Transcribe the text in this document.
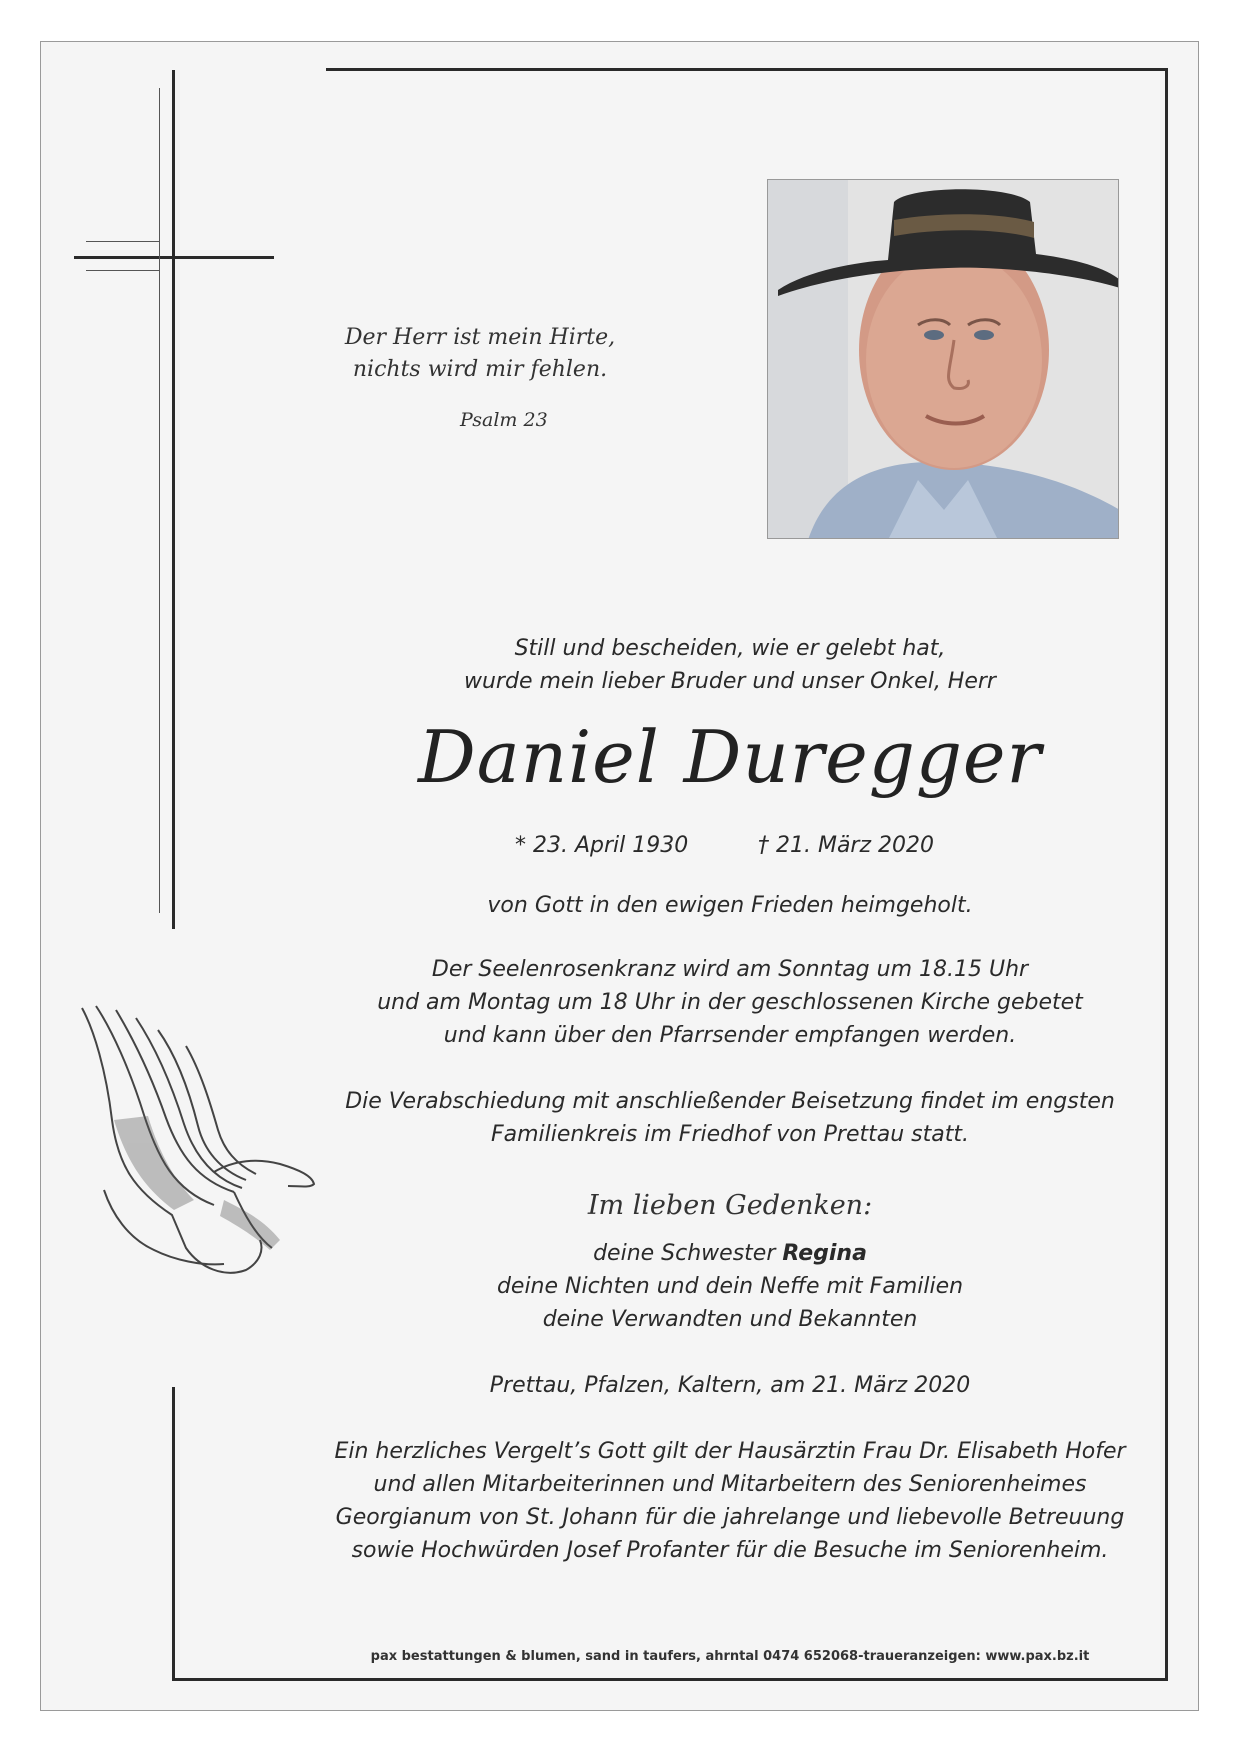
Der Herr ist mein Hirte,
nichts wird mir fehlen.
Psalm 23
Still und bescheiden, wie er gelebt hat,
wurde mein lieber Bruder und unser Onkel, Herr
Daniel Duregger
* 23. April 1930	† 21. März 2020
von Gott in den ewigen Frieden heimgeholt.
Der Seelenrosenkranz wird am Sonntag um 18.15 Uhr
und am Montag um 18 Uhr in der geschlossenen Kirche gebetet
und kann über den Pfarrsender empfangen werden.
Die Verabschiedung mit anschließender Beisetzung findet im engsten
Familienkreis im Friedhof von Prettau statt.
Im lieben Gedenken:
deine Schwester Regina
deine Nichten und dein Neffe mit Familien
deine Verwandten und Bekannten
Prettau, Pfalzen, Kaltern, am 21. März 2020
Ein herzliches Vergelt’s Gott gilt der Hausärztin Frau Dr. Elisabeth Hofer
und allen Mitarbeiterinnen und Mitarbeitern des Seniorenheimes
Georgianum von St. Johann für die jahrelange und liebevolle Betreuung
sowie Hochwürden Josef Profanter für die Besuche im Seniorenheim.
pax bestattungen & blumen, sand in taufers, ahrntal 0474 652068-traueranzeigen: www.pax.bz.it
